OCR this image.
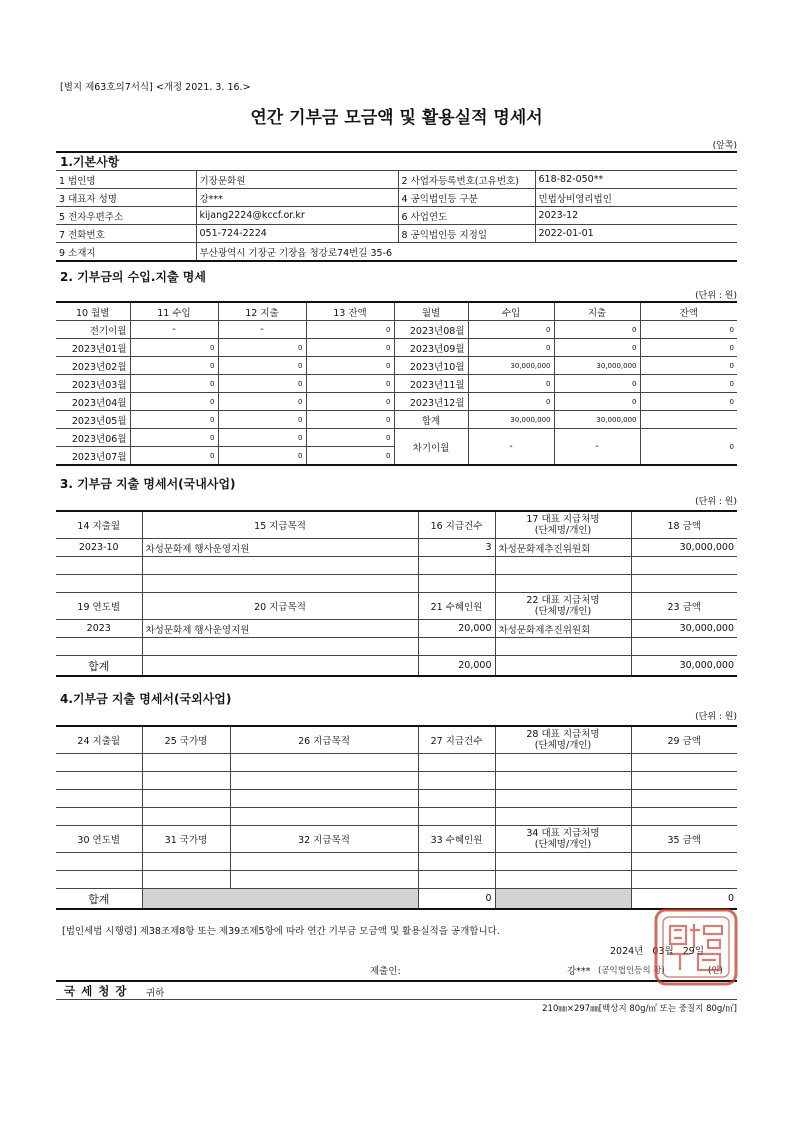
[별지 제63호의7서식] <개정 2021. 3. 16.>
연간 기부금 모금액 및 활용실적 명세서
(앞쪽)
1.기본사항
1 법인명	기장문화원	2 사업자등록번호(고유번호)	618-82-050**
3 대표자 성명	강***	4 공익법인등 구분	민법상비영리법인
5 전자우편주소	kijang2224@kccf.or.kr	6 사업연도	2023-12
7 전화번호	051-724-2224	8 공익법인등 지정일	2022-01-01
9 소재지	부산광역시 기장군 기장읍 청강로74번길 35-6		
2. 기부금의 수입.지출 명세
(단위 : 원)
10 월별	11 수입	12 지출	13 잔액	월별	수입	지출	잔액
전기이월	-	-	0	2023년08월	0	0	0
2023년01월	0	0	0	2023년09월	0	0	0
2023년02월	0	0	0	2023년10월	30,000,000	30,000,000	0
2023년03월	0	0	0	2023년11월	0	0	0
2023년04월	0	0	0	2023년12월	0	0	0
2023년05월	0	0	0	합계	30,000,000	30,000,000	
2023년06월	0	0	0	차기이월	-	-	0
2023년07월	0	0	0				
3. 기부금 지출 명세서(국내사업)
(단위 : 원)
14 지출월	15 지급목적	16 지급건수	17 대표 지급처명
(단체명/개인)	18 금액
2023-10	차성문화제 행사운영지원	3	차성문화제추진위원회	30,000,000

19 연도별	20 지급목적	21 수혜인원	22 대표 지급처명
(단체명/개인)	23 금액
2023	차성문화제 행사운영지원	20,000	차성문화제추진위원회	30,000,000

합계		20,000		30,000,000
4.기부금 지출 명세서(국외사업)
(단위 : 원)
24 지출월	25 국가명	26 지급목적	27 지급건수	28 대표 지급처명
(단체명/개인)	29 금액

30 연도별	31 국가명	32 지급목적	33 수혜인원	34 대표 지급처명
(단체명/개인)	35 금액

합계			0		0
[법인세법 시행령] 제38조제8항 또는 제39조제5항에 따라 연간 기부금 모금액 및 활용실적을 공개합니다.
2024년   03월   29일
제출인:	강*** (공익법인등의 장)	(인)
국 세 청 장 귀하
210㎜×297㎜[백상지 80g/㎡ 또는 중질지 80g/㎡]
